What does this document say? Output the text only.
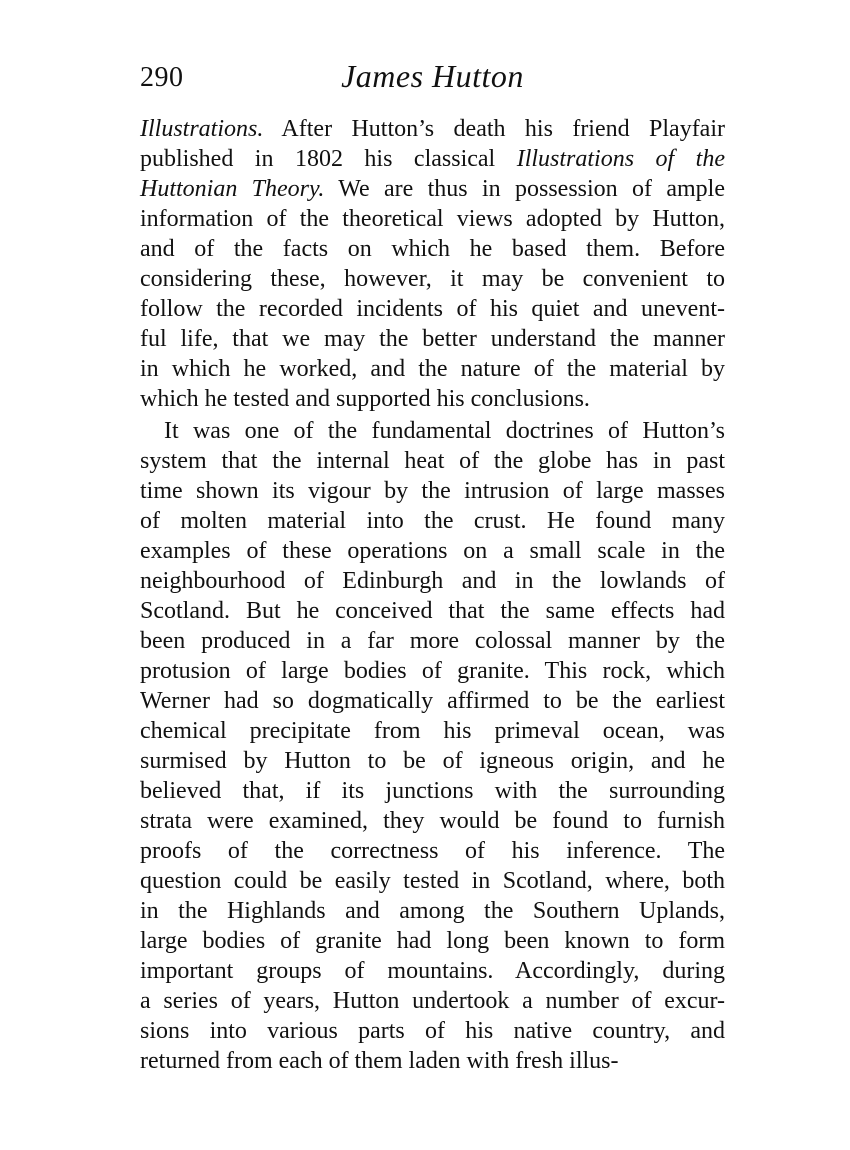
290	James Hutton
Illustrations. After Hutton’s death his friend Playfair
published in 1802 his classical Illustrations of the
Huttonian Theory. We are thus in possession of ample
information of the theoretical views adopted by Hutton,
and of the facts on which he based them. Before
considering these, however, it may be convenient to
follow the recorded incidents of his quiet and unevent-
ful life, that we may the better understand the manner
in which he worked, and the nature of the material by
which he tested and supported his conclusions.
It was one of the fundamental doctrines of Hutton’s
system that the internal heat of the globe has in past
time shown its vigour by the intrusion of large masses
of molten material into the crust. He found many
examples of these operations on a small scale in the
neighbourhood of Edinburgh and in the lowlands of
Scotland. But he conceived that the same effects had
been produced in a far more colossal manner by the
protusion of large bodies of granite. This rock, which
Werner had so dogmatically affirmed to be the earliest
chemical precipitate from his primeval ocean, was
surmised by Hutton to be of igneous origin, and he
believed that, if its junctions with the surrounding
strata were examined, they would be found to furnish
proofs of the correctness of his inference. The
question could be easily tested in Scotland, where, both
in the Highlands and among the Southern Uplands,
large bodies of granite had long been known to form
important groups of mountains. Accordingly, during
a series of years, Hutton undertook a number of excur-
sions into various parts of his native country, and
returned from each of them laden with fresh illus-
